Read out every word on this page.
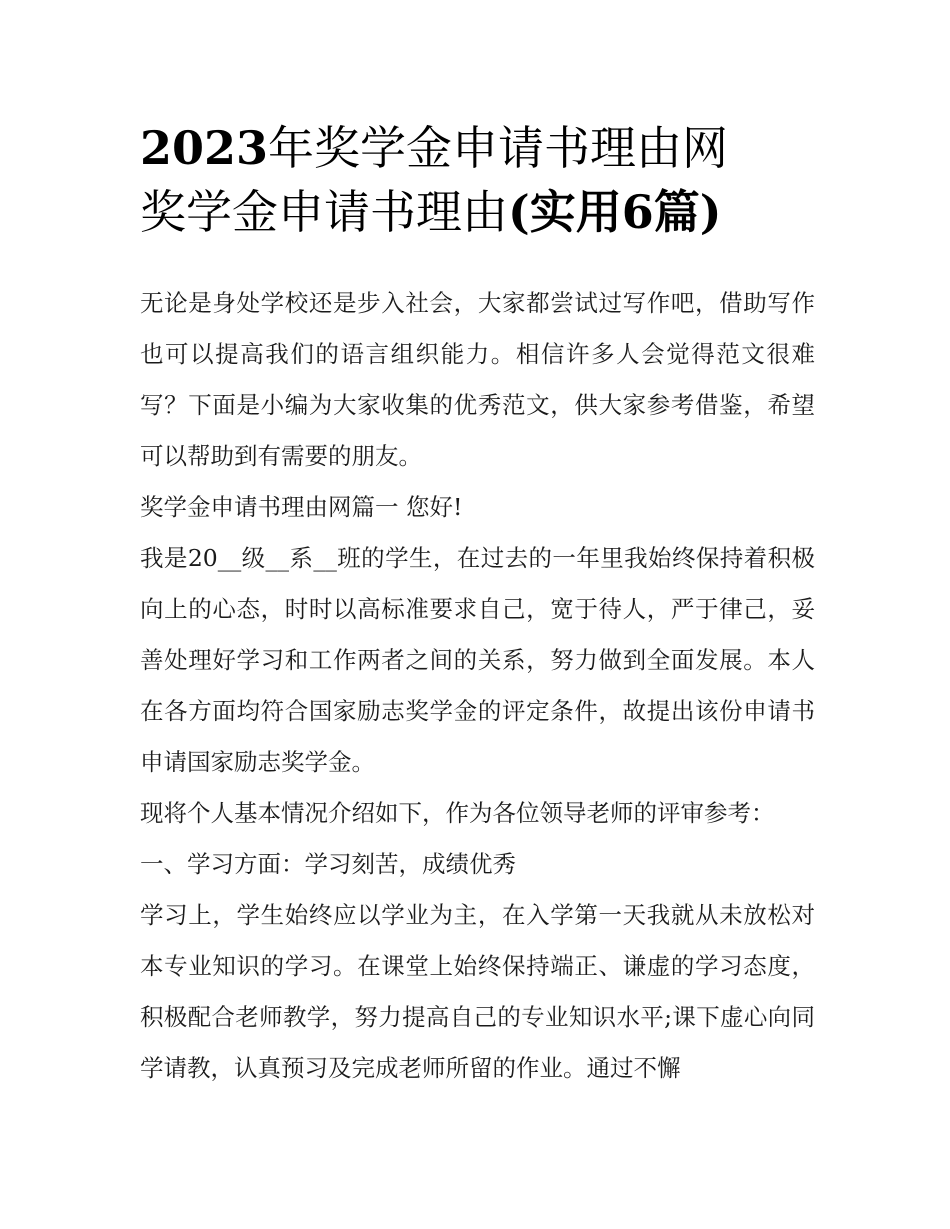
2023年奖学金申请书理由网
奖学金申请书理由(实用6篇)

无论是身处学校还是步入社会，大家都尝试过写作吧，借助写作也可以提高我们的语言组织能力。相信许多人会觉得范文很难写？下面是小编为大家收集的优秀范文，供大家参考借鉴，希望可以帮助到有需要的朋友。

奖学金申请书理由网篇一 您好!

我是20__级__系__班的学生，在过去的一年里我始终保持着积极向上的心态，时时以高标准要求自己，宽于待人，严于律己，妥善处理好学习和工作两者之间的关系，努力做到全面发展。本人在各方面均符合国家励志奖学金的评定条件，故提出该份申请书申请国家励志奖学金。

现将个人基本情况介绍如下，作为各位领导老师的评审参考：

一、学习方面：学习刻苦，成绩优秀

学习上，学生始终应以学业为主，在入学第一天我就从未放松对本专业知识的学习。在课堂上始终保持端正、谦虚的学习态度，积极配合老师教学，努力提高自己的专业知识水平;课下虚心向同学请教，认真预习及完成老师所留的作业。通过不懈
